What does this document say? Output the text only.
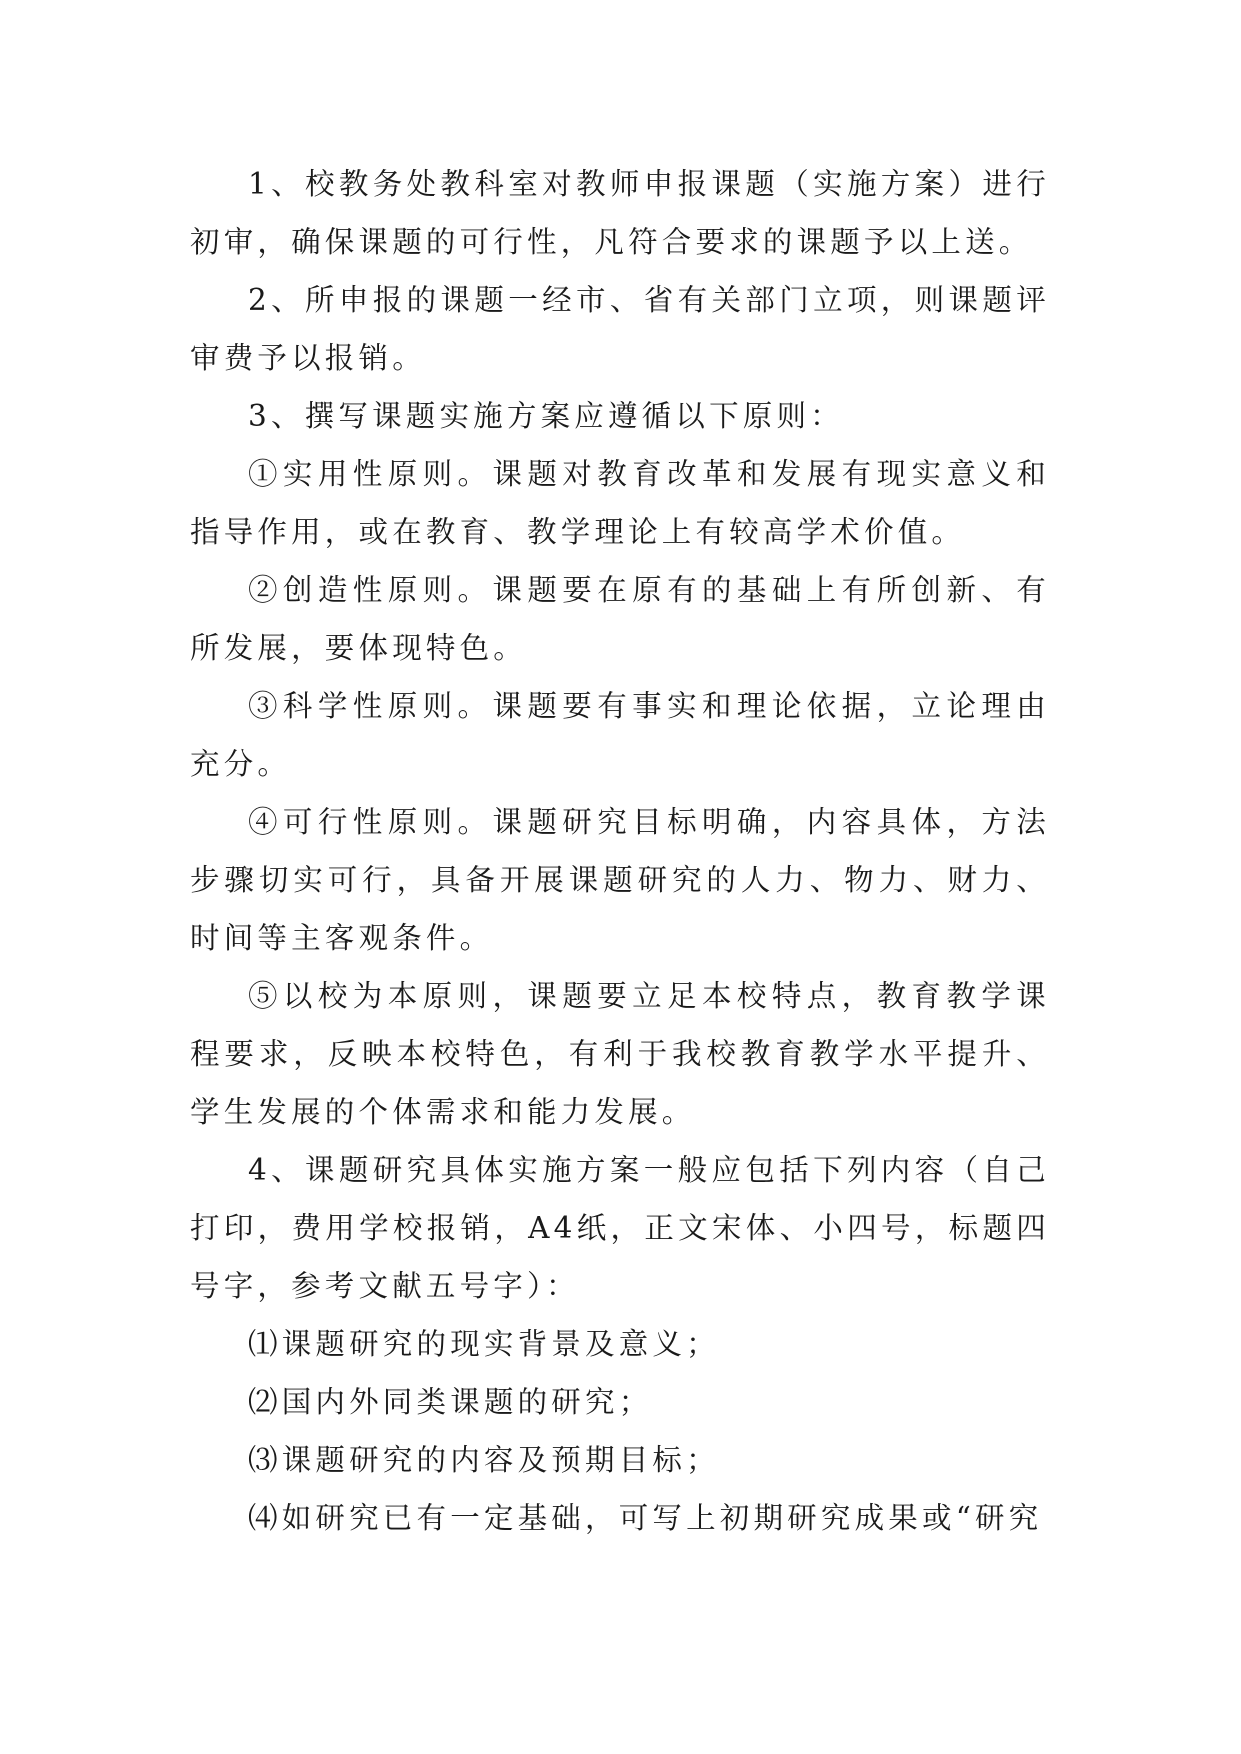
1、校教务处教科室对教师申报课题（实施方案）进行初审，确保课题的可行性，凡符合要求的课题予以上送。

2、所申报的课题一经市、省有关部门立项，则课题评审费予以报销。

3、撰写课题实施方案应遵循以下原则：

①实用性原则。课题对教育改革和发展有现实意义和指导作用，或在教育、教学理论上有较高学术价值。

②创造性原则。课题要在原有的基础上有所创新、有所发展，要体现特色。

③科学性原则。课题要有事实和理论依据，立论理由充分。

④可行性原则。课题研究目标明确，内容具体，方法步骤切实可行，具备开展课题研究的人力、物力、财力、时间等主客观条件。

⑤以校为本原则，课题要立足本校特点，教育教学课程要求，反映本校特色，有利于我校教育教学水平提升、学生发展的个体需求和能力发展。

4、课题研究具体实施方案一般应包括下列内容（自己打印，费用学校报销，A4纸，正文宋体、小四号，标题四号字，参考文献五号字）：

⑴课题研究的现实背景及意义；

⑵国内外同类课题的研究；

⑶课题研究的内容及预期目标；

⑷如研究已有一定基础，可写上初期研究成果或“研究
